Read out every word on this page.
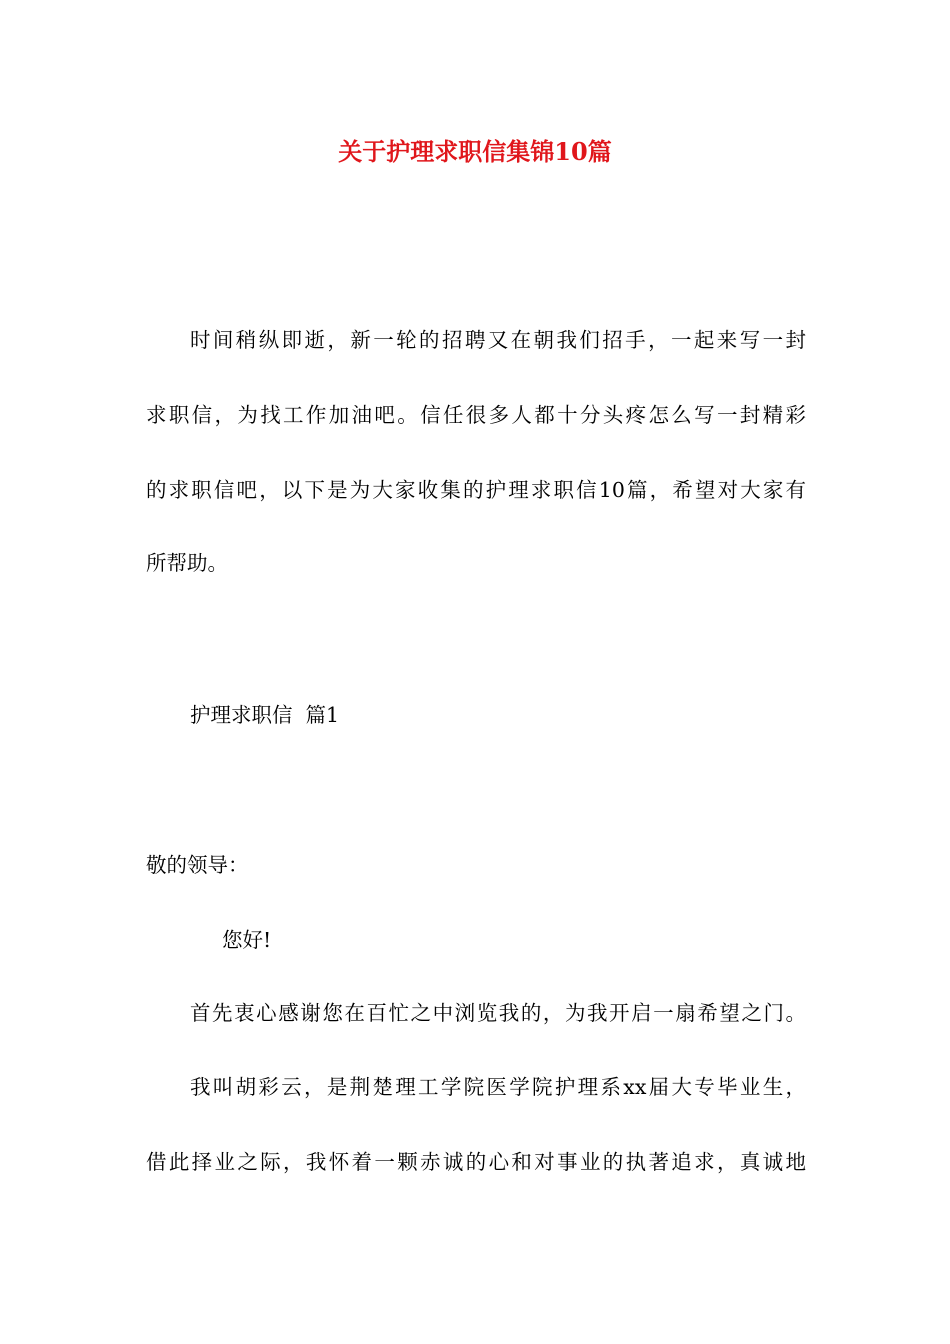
关于护理求职信集锦10篇
时间稍纵即逝，新一轮的招聘又在朝我们招手，一起来写一封
求职信，为找工作加油吧。信任很多人都十分头疼怎么写一封精彩
的求职信吧，以下是为大家收集的护理求职信10篇，希望对大家有
所帮助。
护理求职信  篇1
敬的领导：
您好!
首先衷心感谢您在百忙之中浏览我的，为我开启一扇希望之门。
我叫胡彩云，是荆楚理工学院医学院护理系xx届大专毕业生，
借此择业之际，我怀着一颗赤诚的心和对事业的执著追求，真诚地
